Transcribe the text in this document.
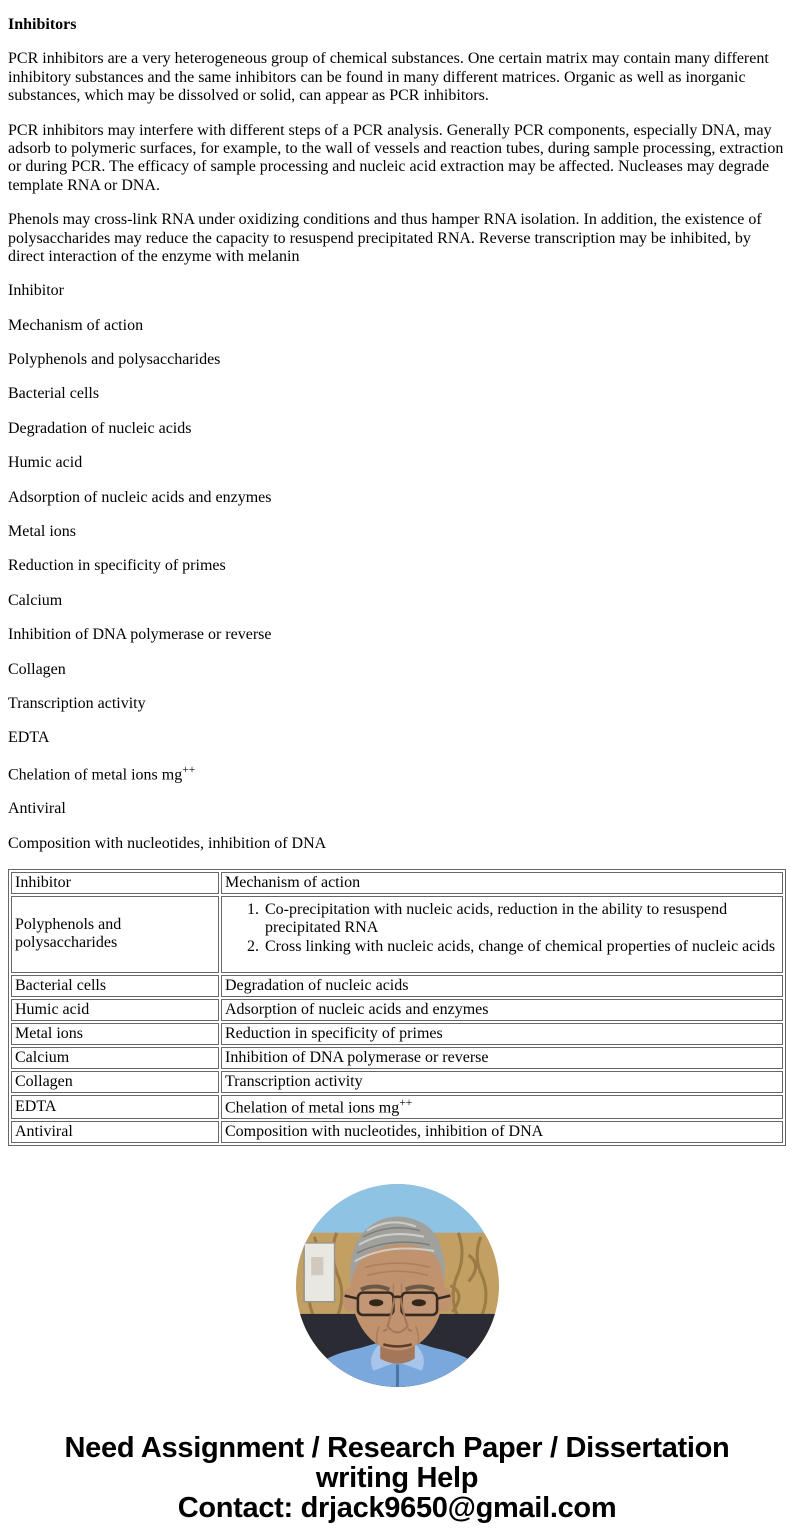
Inhibitors

PCR inhibitors are a very heterogeneous group of chemical substances. One certain matrix may contain many different inhibitory substances and the same inhibitors can be found in many different matrices. Organic as well as inorganic substances, which may be dissolved or solid, can appear as PCR inhibitors.

PCR inhibitors may interfere with different steps of a PCR analysis. Generally PCR components, especially DNA, may adsorb to polymeric surfaces, for example, to the wall of vessels and reaction tubes, during sample processing, extraction or during PCR. The efficacy of sample processing and nucleic acid extraction may be affected. Nucleases may degrade template RNA or DNA.

Phenols may cross-link RNA under oxidizing conditions and thus hamper RNA isolation. In addition, the existence of polysaccharides may reduce the capacity to resuspend precipitated RNA. Reverse transcription may be inhibited, by direct interaction of the enzyme with melanin

Inhibitor

Mechanism of action

Polyphenols and polysaccharides

Bacterial cells

Degradation of nucleic acids

Humic acid

Adsorption of nucleic acids and enzymes

Metal ions

Reduction in specificity of primes

Calcium

Inhibition of DNA polymerase or reverse

Collagen

Transcription activity

EDTA

Chelation of metal ions mg++

Antiviral

Composition with nucleotides, inhibition of DNA

Inhibitor	Mechanism of action
Polyphenols and polysaccharides	
1. Co-precipitation with nucleic acids, reduction in the ability to resuspend precipitated RNA
2. Cross linking with nucleic acids, change of chemical properties of nucleic acids

Bacterial cells	Degradation of nucleic acids
Humic acid	Adsorption of nucleic acids and enzymes
Metal ions	Reduction in specificity of primes
Calcium	Inhibition of DNA polymerase or reverse
Collagen	Transcription activity
EDTA	Chelation of metal ions mg++
Antiviral	Composition with nucleotides, inhibition of DNA
Need Assignment / Research Paper / Dissertation
writing Help
Contact: drjack9650@gmail.com
